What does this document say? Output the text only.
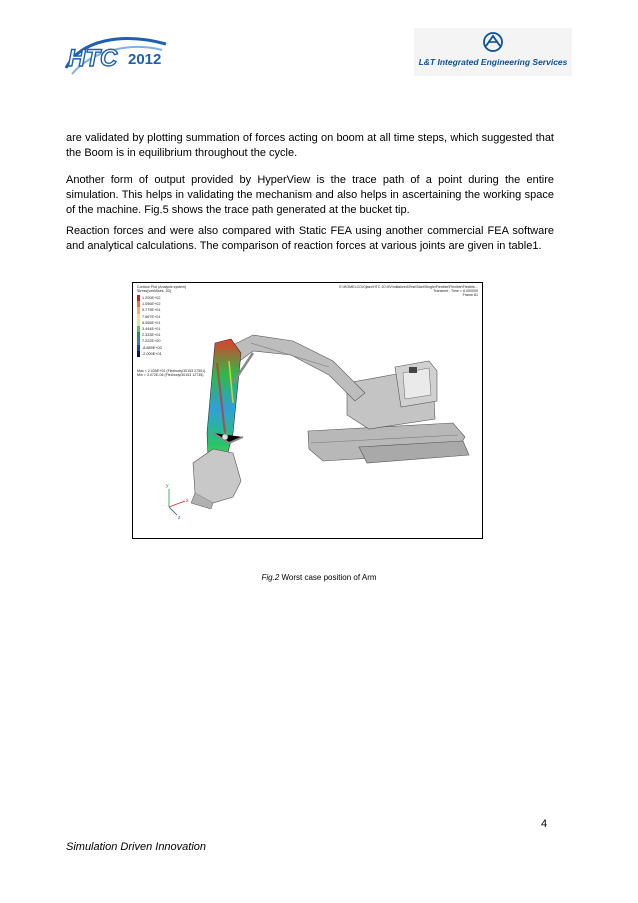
HTC 2012	L&T Integrated Engineering Services

are validated by plotting summation of forces acting on boom at all time steps, which suggested that the Boom is in equilibrium throughout the cycle.

Another form of output provided by HyperView is the trace path of a point during the entire simulation. This helps in validating the mechanism and also helps in ascertaining the working space of the machine. Fig.5 shows the trace path generated at the bucket tip.

Reaction forces and were also compared with Static FEA using another commercial FEA software and analytical calculations. The comparison of reaction forces at various joints are given in table1.

Contour Plot (Analysis system)
Stress(vonMises, 2D)
E:\HOMELCO\Ojasv\HTC 20 MV\initialized\Test\Start\Single\Flexible\Flexible\Flexible...
Transient : Time = 8.000000
Frame 81
1.200E+02
1.056E+02
9.779E+01
7.667E+01
5.556E+01
3.444E+01
2.333E+01
7.222E+00
-8.889E+00
-2.000E+01
Max = 2.035E+02 (Flexbody/30153 27501)
Min = 3.072E-06 (Flexbody/30153 12735)
y
x
z
Fig.2 Worst case position of Arm
4
Simulation Driven Innovation
